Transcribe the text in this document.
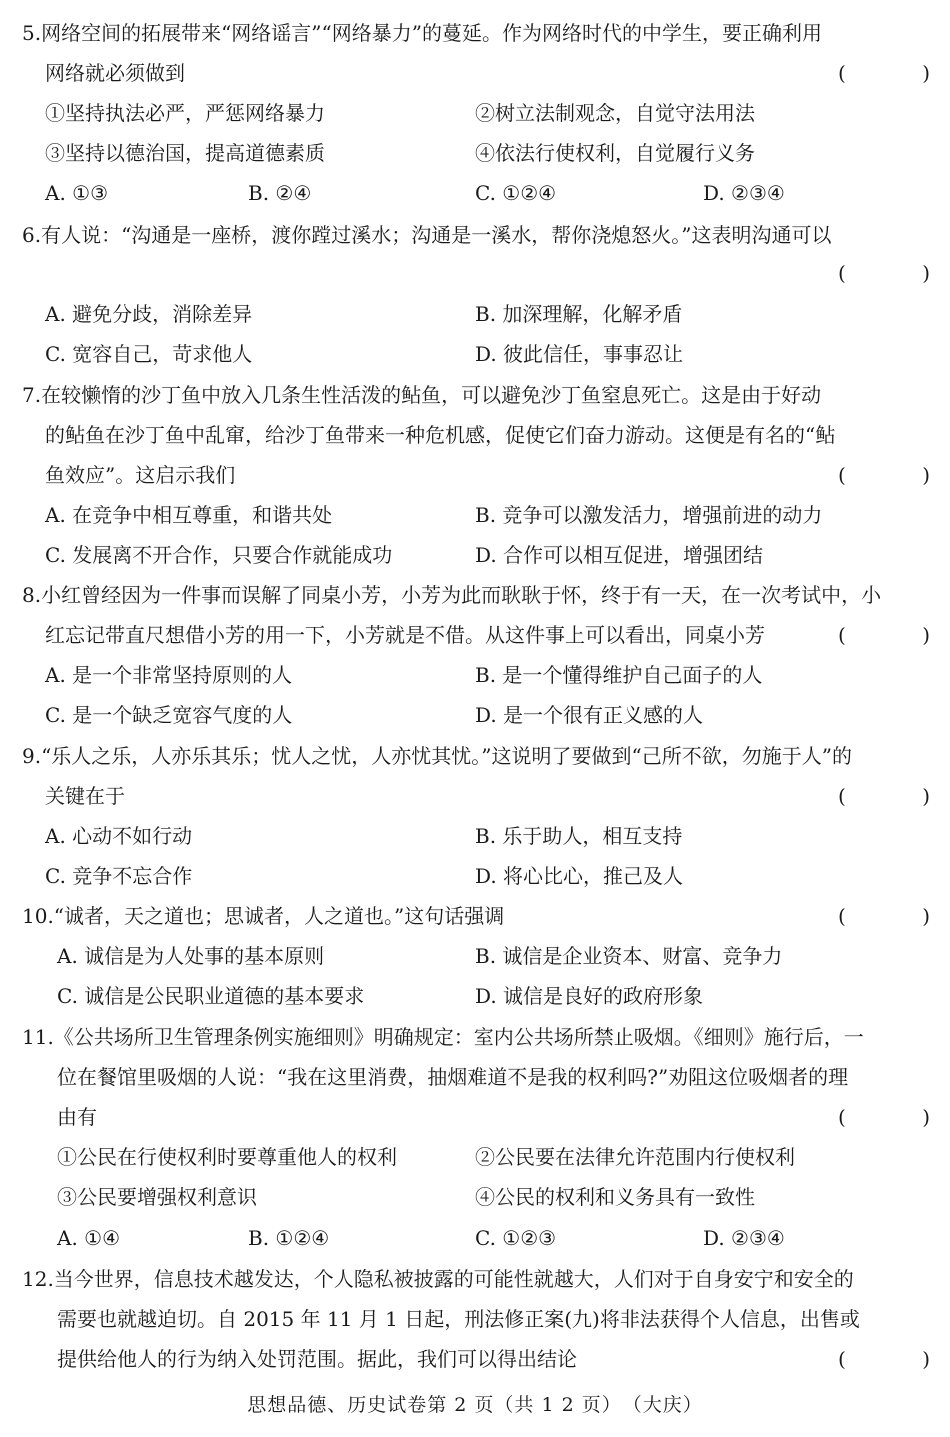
5.网络空间的拓展带来“网络谣言”“网络暴力”的蔓延。作为网络时代的中学生，要正确利用
网络就必须做到	(	)
①坚持执法必严，严惩网络暴力	②树立法制观念，自觉守法用法
③坚持以德治国，提高道德素质	④依法行使权利，自觉履行义务
A. ①③	B. ②④	C. ①②④	D. ②③④
6.有人说：“沟通是一座桥，渡你蹚过溪水；沟通是一溪水，帮你浇熄怒火。”这表明沟通可以
(	)
A. 避免分歧，消除差异	B. 加深理解，化解矛盾
C. 宽容自己，苛求他人	D. 彼此信任，事事忍让
7.在较懒惰的沙丁鱼中放入几条生性活泼的鲇鱼，可以避免沙丁鱼窒息死亡。这是由于好动
的鲇鱼在沙丁鱼中乱窜，给沙丁鱼带来一种危机感，促使它们奋力游动。这便是有名的“鲇
鱼效应”。这启示我们	(	)
A. 在竞争中相互尊重，和谐共处	B. 竞争可以激发活力，增强前进的动力
C. 发展离不开合作，只要合作就能成功	D. 合作可以相互促进，增强团结
8.小红曾经因为一件事而误解了同桌小芳，小芳为此而耿耿于怀，终于有一天，在一次考试中，小
红忘记带直尺想借小芳的用一下，小芳就是不借。从这件事上可以看出，同桌小芳	(	)
A. 是一个非常坚持原则的人	B. 是一个懂得维护自己面子的人
C. 是一个缺乏宽容气度的人	D. 是一个很有正义感的人
9.“乐人之乐，人亦乐其乐；忧人之忧，人亦忧其忧。”这说明了要做到“己所不欲，勿施于人”的
关键在于	(	)
A. 心动不如行动	B. 乐于助人，相互支持
C. 竞争不忘合作	D. 将心比心，推己及人
10.“诚者，天之道也；思诚者，人之道也。”这句话强调	(	)
A. 诚信是为人处事的基本原则	B. 诚信是企业资本、财富、竞争力
C. 诚信是公民职业道德的基本要求	D. 诚信是良好的政府形象
11.《公共场所卫生管理条例实施细则》明确规定：室内公共场所禁止吸烟。《细则》施行后，一
位在餐馆里吸烟的人说：“我在这里消费，抽烟难道不是我的权利吗?”劝阻这位吸烟者的理
由有	(	)
①公民在行使权利时要尊重他人的权利	②公民要在法律允许范围内行使权利
③公民要增强权利意识	④公民的权利和义务具有一致性
A. ①④	B. ①②④	C. ①②③	D. ②③④
12.当今世界，信息技术越发达，个人隐私被披露的可能性就越大，人们对于自身安宁和安全的
需要也就越迫切。自 2015 年 11 月 1 日起，刑法修正案(九)将非法获得个人信息，出售或
提供给他人的行为纳入处罚范围。据此，我们可以得出结论	(	)
思想品德、历史试卷第 2 页（共 1 2 页）　（大庆）
